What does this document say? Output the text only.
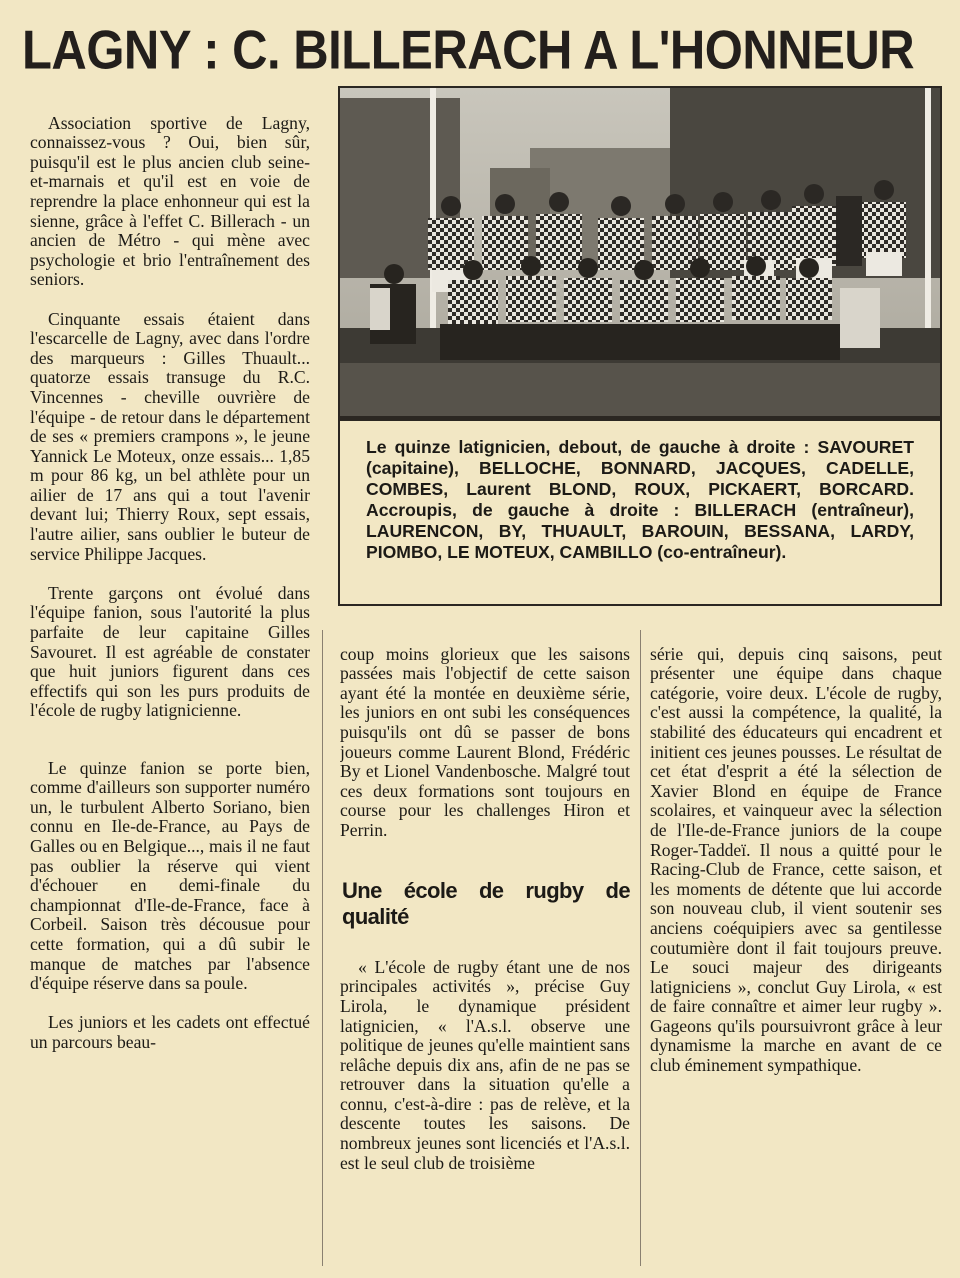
LAGNY : C. BILLERACH A L'HONNEUR

Association sportive de Lagny, connaissez-vous ? Oui, bien sûr, puisqu'il est le plus ancien club seine-et-marnais et qu'il est en voie de reprendre la place enhonneur qui est la sienne, grâce à l'effet C. Billerach - un ancien de Métro - qui mène avec psychologie et brio l'entraînement des seniors.

Cinquante essais étaient dans l'escarcelle de Lagny, avec dans l'ordre des marqueurs : Gilles Thuault... quatorze essais transuge du R.C. Vincennes - cheville ouvrière de l'équipe - de retour dans le département de ses « premiers crampons », le jeune Yannick Le Moteux, onze essais... 1,85 m pour 86 kg, un bel athlète pour un ailier de 17 ans qui a tout l'avenir devant lui; Thierry Roux, sept essais, l'autre ailier, sans oublier le buteur de service Philippe Jacques.

Trente garçons ont évolué dans l'équipe fanion, sous l'autorité la plus parfaite de leur capitaine Gilles Savouret. Il est agréable de constater que huit juniors figurent dans ces effectifs qui son les purs produits de l'école de rugby latignicienne.

Le quinze fanion se porte bien, comme d'ailleurs son supporter numéro un, le turbulent Alberto Soriano, bien connu en Ile-de-France, au Pays de Galles ou en Belgique..., mais il ne faut pas oublier la réserve qui vient d'échouer en demi-finale du championnat d'Ile-de-France, face à Corbeil. Saison très décousue pour cette formation, qui a dû subir le manque de matches par l'absence d'équipe réserve dans sa poule.

Les juniors et les cadets ont effectué un parcours beau-

Le quinze latignicien, debout, de gauche à droite : SAVOURET (capitaine), BELLOCHE, BONNARD, JACQUES, CADELLE, COMBES, Laurent BLOND, ROUX, PICKAERT, BORCARD. Accroupis, de gauche à droite : BILLERACH (entraîneur), LAURENCON, BY, THUAULT, BAROUIN, BESSANA, LARDY, PIOMBO, LE MOTEUX, CAMBILLO (co-entraîneur).

coup moins glorieux que les saisons passées mais l'objectif de cette saison ayant été la montée en deuxième série, les juniors en ont subi les conséquences puisqu'ils ont dû se passer de bons joueurs comme Laurent Blond, Frédéric By et Lionel Vandenbosche. Malgré tout ces deux formations sont toujours en course pour les challenges Hiron et Perrin.

Une école de rugby de qualité

« L'école de rugby étant une de nos principales activités », précise Guy Lirola, le dynamique président latignicien, « l'A.s.l. observe une politique de jeunes qu'elle maintient sans relâche depuis dix ans, afin de ne pas se retrouver dans la situation qu'elle a connu, c'est-à-dire : pas de relève, et la descente toutes les saisons. De nombreux jeunes sont licenciés et l'A.s.l. est le seul club de troisième

série qui, depuis cinq saisons, peut présenter une équipe dans chaque catégorie, voire deux. L'école de rugby, c'est aussi la compétence, la qualité, la stabilité des éducateurs qui encadrent et initient ces jeunes pousses. Le résultat de cet état d'esprit a été la sélection de Xavier Blond en équipe de France scolaires, et vainqueur avec la sélection de l'Ile-de-France juniors de la coupe Roger-Taddeï. Il nous a quitté pour le Racing-Club de France, cette saison, et les moments de détente que lui accorde son nouveau club, il vient soutenir ses anciens coéquipiers avec sa gentilesse coutumière dont il fait toujours preuve. Le souci majeur des dirigeants latigniciens », conclut Guy Lirola, « est de faire connaître et aimer leur rugby ». Gageons qu'ils poursuivront grâce à leur dynamisme la marche en avant de ce club éminement sympathique.
